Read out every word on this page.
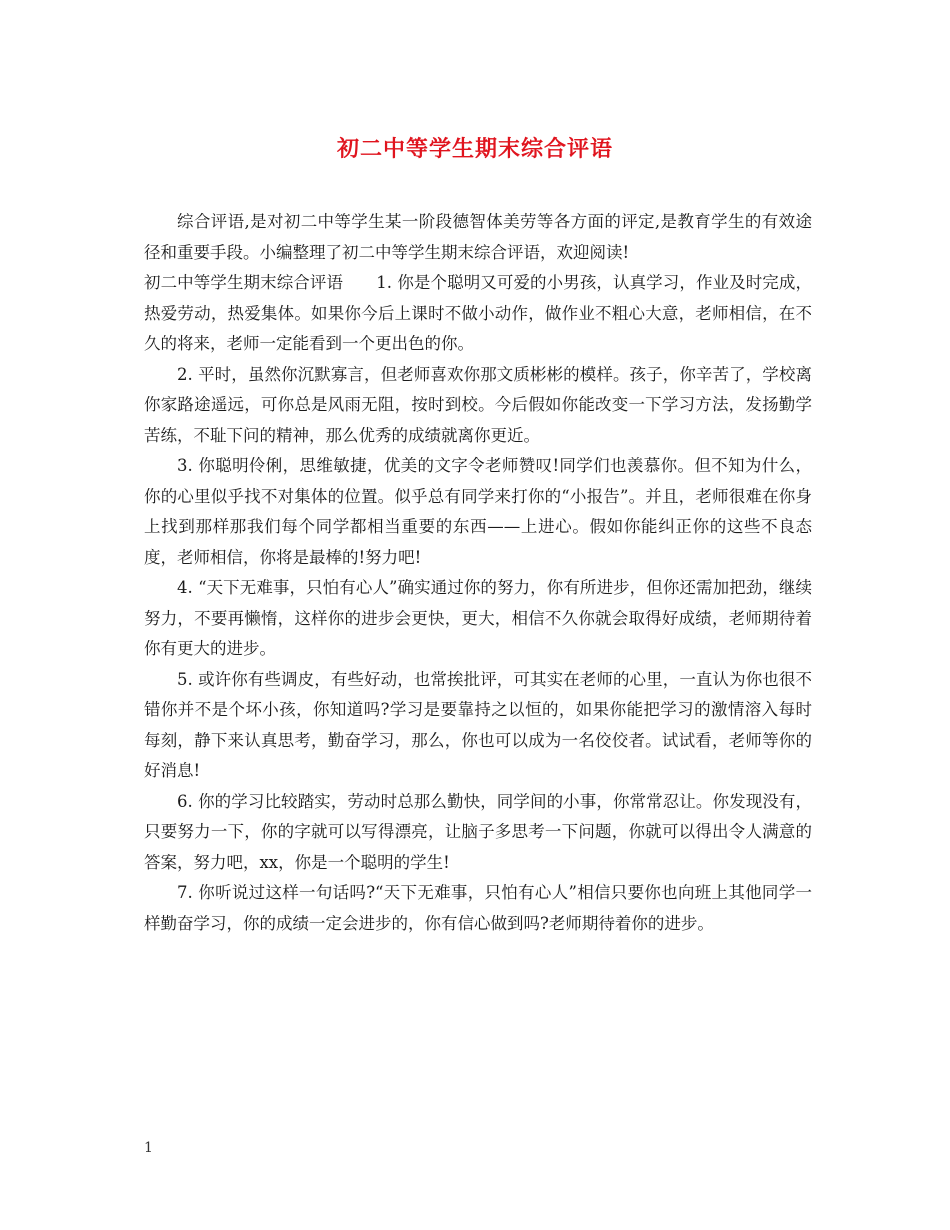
初二中等学生期末综合评语

综合评语,是对初二中等学生某一阶段德智体美劳等各方面的评定,是教育学生的有效途径和重要手段。小编整理了初二中等学生期末综合评语，欢迎阅读!

初二中等学生期末综合评语　　1. 你是个聪明又可爱的小男孩，认真学习，作业及时完成，热爱劳动，热爱集体。如果你今后上课时不做小动作，做作业不粗心大意，老师相信，在不久的将来，老师一定能看到一个更出色的你。

2. 平时，虽然你沉默寡言，但老师喜欢你那文质彬彬的模样。孩子，你辛苦了，学校离你家路途遥远，可你总是风雨无阻，按时到校。今后假如你能改变一下学习方法，发扬勤学苦练，不耻下问的精神，那么优秀的成绩就离你更近。

3. 你聪明伶俐，思维敏捷，优美的文字令老师赞叹!同学们也羡慕你。但不知为什么，你的心里似乎找不对集体的位置。似乎总有同学来打你的“小报告”。并且，老师很难在你身上找到那样那我们每个同学都相当重要的东西——上进心。假如你能纠正你的这些不良态度，老师相信，你将是最棒的!努力吧!

4. “天下无难事，只怕有心人”确实通过你的努力，你有所进步，但你还需加把劲，继续努力，不要再懒惰，这样你的进步会更快，更大，相信不久你就会取得好成绩，老师期待着你有更大的进步。

5. 或许你有些调皮，有些好动，也常挨批评，可其实在老师的心里，一直认为你也很不错你并不是个坏小孩，你知道吗?学习是要靠持之以恒的，如果你能把学习的激情溶入每时每刻，静下来认真思考，勤奋学习，那么，你也可以成为一名佼佼者。试试看，老师等你的好消息!

6. 你的学习比较踏实，劳动时总那么勤快，同学间的小事，你常常忍让。你发现没有，只要努力一下，你的字就可以写得漂亮，让脑子多思考一下问题，你就可以得出令人满意的答案，努力吧，xx，你是一个聪明的学生!

7. 你听说过这样一句话吗?“天下无难事，只怕有心人”相信只要你也向班上其他同学一样勤奋学习，你的成绩一定会进步的，你有信心做到吗?老师期待着你的进步。

1
